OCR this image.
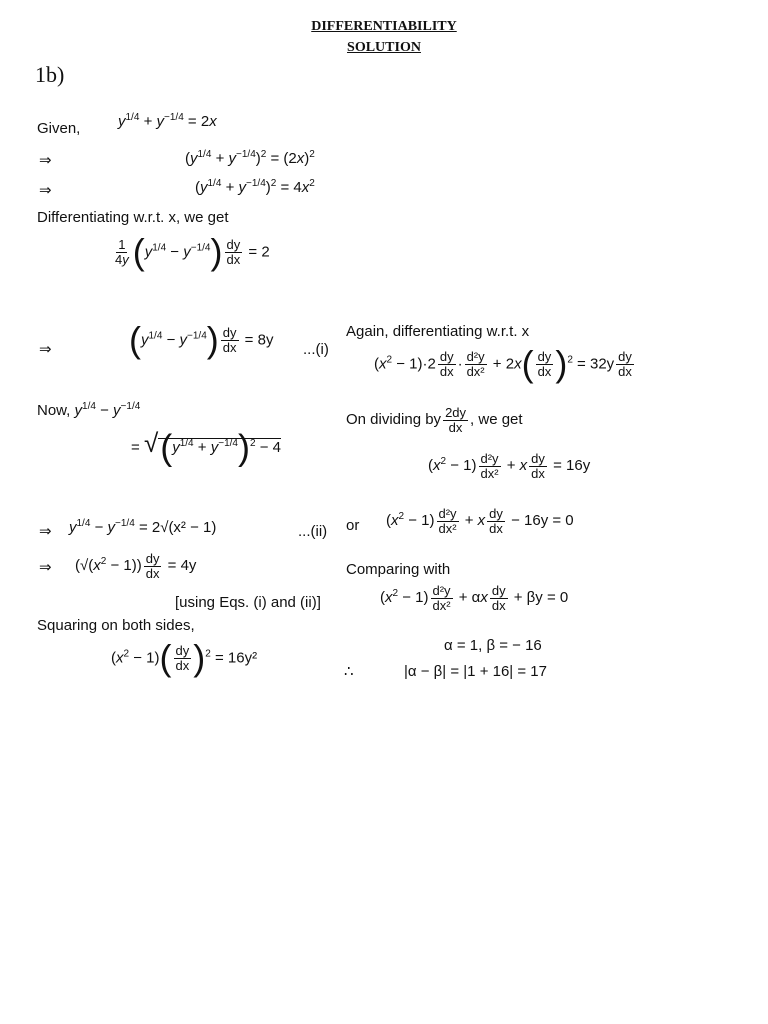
DIFFERENTIABILITY
SOLUTION
1b)
Given,	$y^{1/4} + y^{-1/4} = 2x$
⇒	$(y^{1/4} + y^{-1/4})^2 = (2x)^2$
⇒	$(y^{1/4} + y^{-1/4})^2 = 4x^2$
Differentiating w.r.t. x, we get
$\frac{1}{4y} (y^{1/4} - y^{-1/4}) \frac{dy}{dx} = 2$
⇒ $(y^{1/4} - y^{-1/4}) \frac{dy}{dx} = 8y$
...(i)
Now, $y^{1/4} - y^{-1/4}$
= $√(y^{1/4} + y^{-1/4})^2 - 4$
⇒ $y^{1/4} - y^{-1/4} = 2√(x^2 - 1)$	...(ii)
⇒ $(√(x^2 - 1)) \frac{dy}{dx} = 4y$
[using Eqs. (i) and (ii)]
Squaring on both sides,
$(x^2 - 1)( \frac{dy}{dx} )^2 = 16y^2$
Again, differentiating w.r.t. x
$(x^2 - 1)\cdot 2 \frac{dy}{dx} \cdot \frac{\text{d²y}}{\text{dx²}} + 2x( \frac{dy}{dx} )^2 = 32y \frac{dy}{dx}$
On dividing by $\frac{2dy}{dx}$ , we get
$(x^2 - 1) \frac{\text{d²y}}{\text{dx²}} + x \frac{dy}{dx} = 16y$
or $(x^2 - 1) \frac{\text{d²y}}{\text{dx²}} + x \frac{dy}{dx} - 16y = 0$
Comparing with
$(x^2 - 1) \frac{\text{d²y}}{\text{dx²}} + \alpha x \frac{dy}{dx} + \beta y = 0$
α = 1, β = − 16
∴	|α − β| = |1 + 16| = 17
